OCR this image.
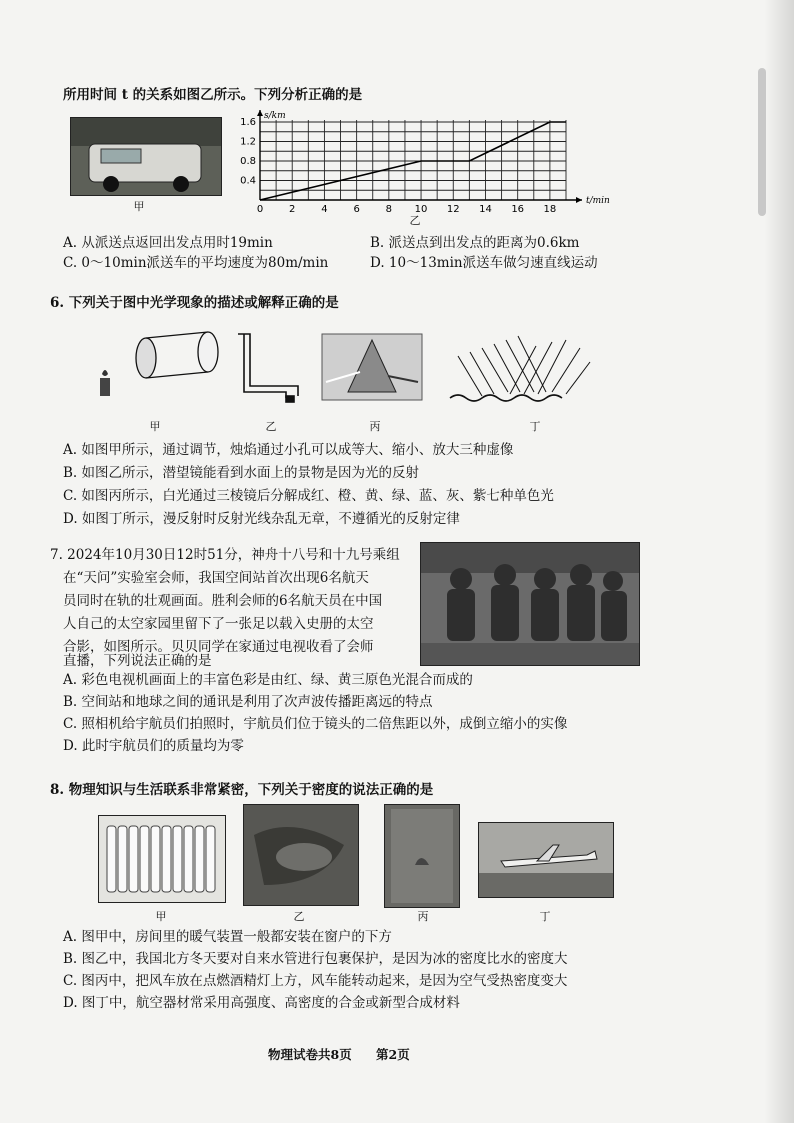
所用时间 t 的关系如图乙所示。下列分析正确的是
甲	0	2	4	6	8 10 12 14 16 18
0.4
0.8
1.2
1.6
s/km
t/min
乙
A. 从派送点返回出发点用时19min	B. 派送点到出发点的距离为0.6km
C. 0～10min派送车的平均速度为80m/min	D. 10～13min派送车做匀速直线运动
6. 下列关于图中光学现象的描述或解释正确的是
甲	乙	丙	丁
A. 如图甲所示，通过调节，烛焰通过小孔可以成等大、缩小、放大三种虚像
B. 如图乙所示，潜望镜能看到水面上的景物是因为光的反射
C. 如图丙所示，白光通过三棱镜后分解成红、橙、黄、绿、蓝、灰、紫七种单色光
D. 如图丁所示，漫反射时反射光线杂乱无章，不遵循光的反射定律
7. 2024年10月30日12时51分，神舟十八号和十九号乘组
在“天问”实验室会师，我国空间站首次出现6名航天
员同时在轨的壮观画面。胜利会师的6名航天员在中国
人自己的太空家园里留下了一张足以载入史册的太空
合影，如图所示。贝贝同学在家通过电视收看了会师
直播，下列说法正确的是
A. 彩色电视机画面上的丰富色彩是由红、绿、黄三原色光混合而成的
B. 空间站和地球之间的通讯是利用了次声波传播距离远的特点
C. 照相机给宇航员们拍照时，宇航员们位于镜头的二倍焦距以外，成倒立缩小的实像
D. 此时宇航员们的质量均为零
8. 物理知识与生活联系非常紧密，下列关于密度的说法正确的是
甲	乙	丙	丁
A. 图甲中，房间里的暖气装置一般都安装在窗户的下方
B. 图乙中，我国北方冬天要对自来水管进行包裹保护，是因为冰的密度比水的密度大
C. 图丙中，把风车放在点燃酒精灯上方，风车能转动起来，是因为空气受热密度变大
D. 图丁中，航空器材常采用高强度、高密度的合金或新型合成材料
物理试卷共8页 第2页
